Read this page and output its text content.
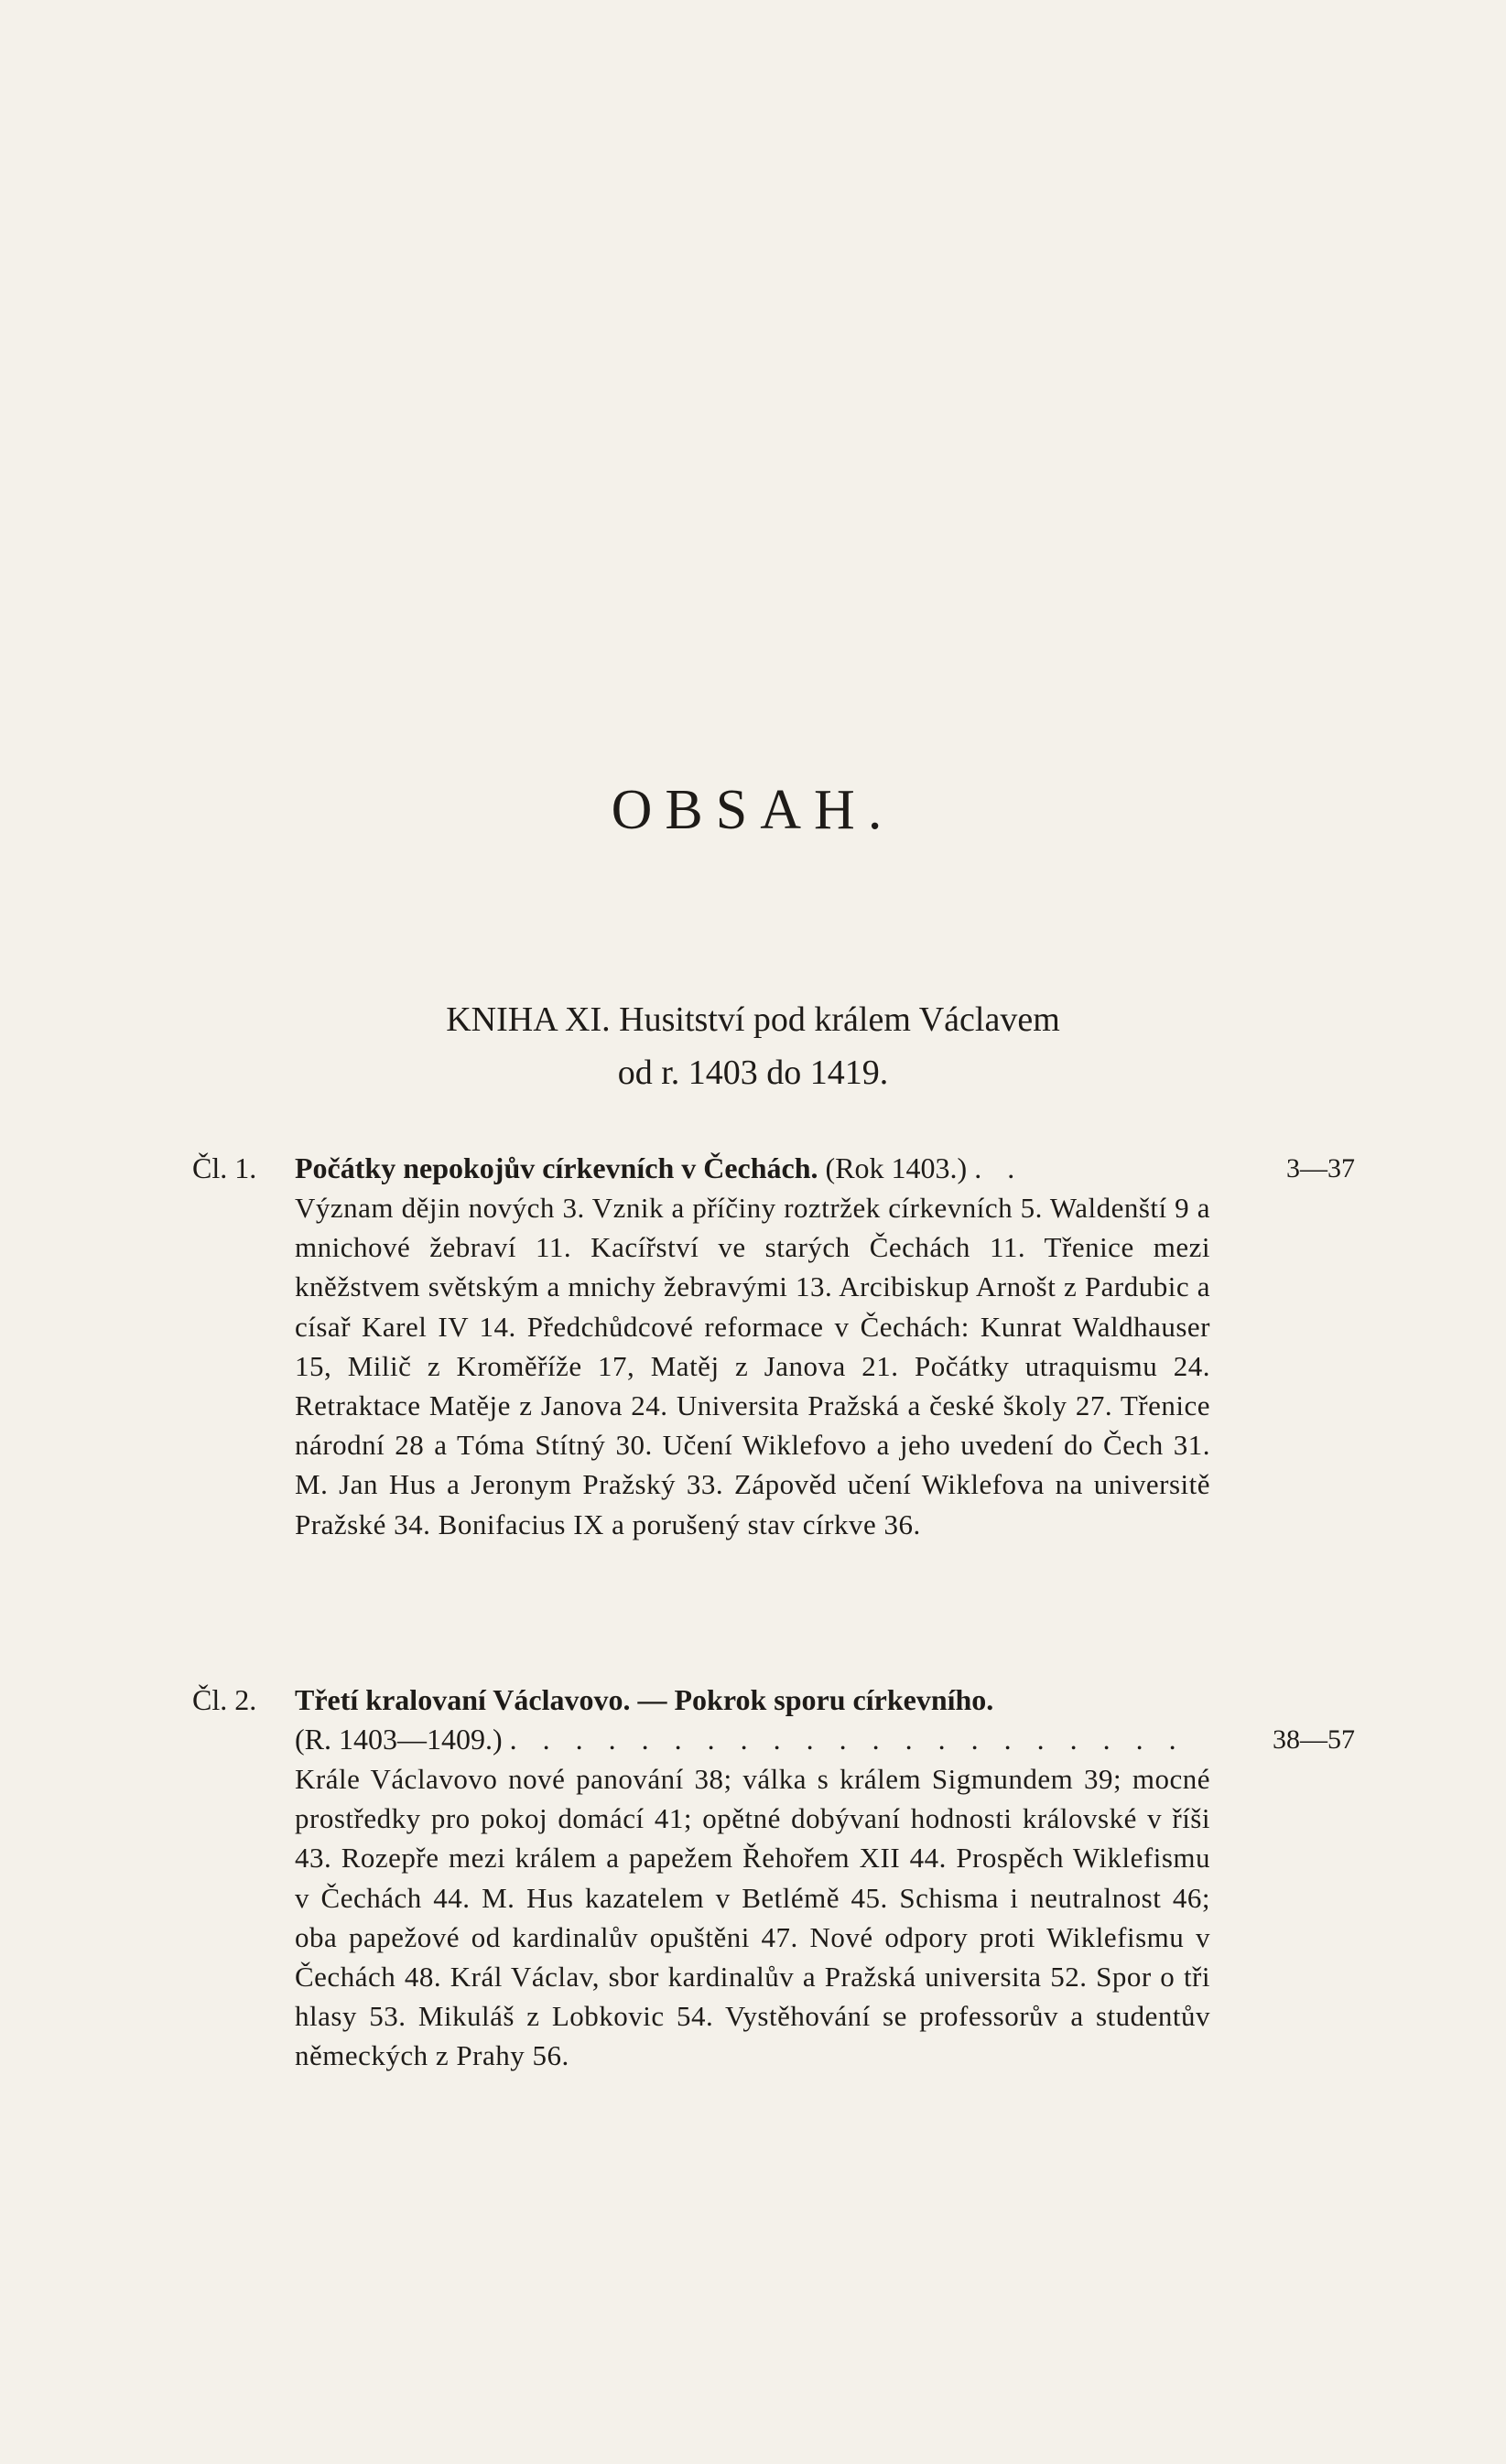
OBSAH.
KNIHA XI. Husitství pod králem Václavem
od r. 1403 do 1419.
Čl. 1. Počátky nepokojův církevních v Čechách. (Rok 1403.) . .	3—37
Význam dějin nových 3. Vznik a příčiny roztržek církevních 5. Waldenští 9 a mnichové žebraví 11. Kacířství ve starých Čechách 11. Třenice mezi kněžstvem světským a mnichy žebravými 13. Arcibiskup Arnošt z Pardubic a císař Karel IV 14. Předchůdcové reformace v Čechách: Kunrat Waldhauser 15, Milič z Kroměříže 17, Matěj z Janova 21. Počátky utraquismu 24. Retraktace Matěje z Janova 24. Universita Pražská a české školy 27. Třenice národní 28 a Tóma Stítný 30. Učení Wiklefovo a jeho uvedení do Čech 31. M. Jan Hus a Jeronym Pražský 33. Zápověd učení Wiklefova na universitě Pražské 34. Bonifacius IX a porušený stav církve 36.
Čl. 2. Třetí kralovaní Václavovo. — Pokrok sporu církevního.
(R. 1403—1409.) . . . . . . . . . . . . . . . . . . . . .	38—57
Krále Václavovo nové panování 38; válka s králem Sigmundem 39; mocné prostředky pro pokoj domácí 41; opětné dobývaní hodnosti královské v říši 43. Rozepře mezi králem a papežem Řehořem XII 44. Prospěch Wiklefismu v Čechách 44. M. Hus kazatelem v Betlémě 45. Schisma i neutralnost 46; oba papežové od kardinalův opuštěni 47. Nové odpory proti Wiklefismu v Čechách 48. Král Václav, sbor kardinalův a Pražská universita 52. Spor o tři hlasy 53. Mikuláš z Lobkovic 54. Vystěhování se professorův a studentův německých z Prahy 56.
